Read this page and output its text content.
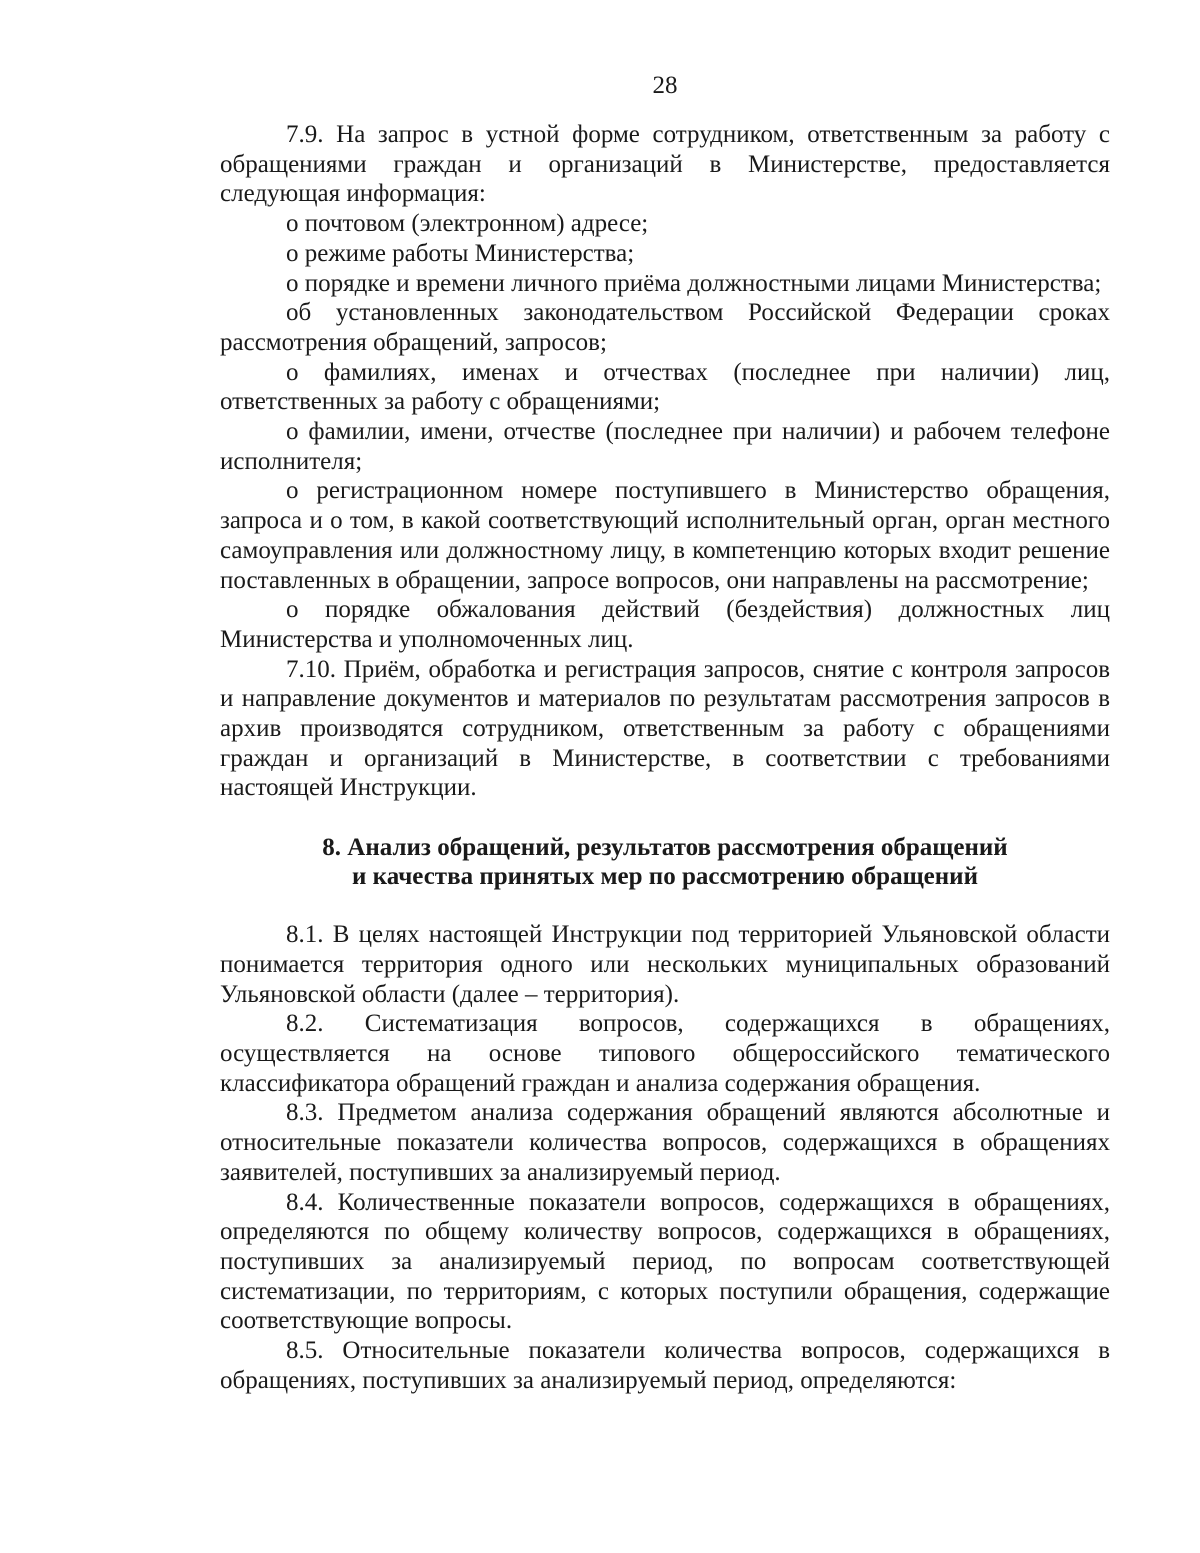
28

7.9. На запрос в устной форме сотрудником, ответственным за работу с обращениями граждан и организаций в Министерстве, предоставляется следующая информация:

о почтовом (электронном) адресе;

о режиме работы Министерства;

о порядке и времени личного приёма должностными лицами Министерства;

об установленных законодательством Российской Федерации сроках рассмотрения обращений, запросов;

о фамилиях, именах и отчествах (последнее при наличии) лиц, ответственных за работу с обращениями;

о фамилии, имени, отчестве (последнее при наличии) и рабочем телефоне исполнителя;

о регистрационном номере поступившего в Министерство обращения, запроса и о том, в какой соответствующий исполнительный орган, орган местного самоуправления или должностному лицу, в компетенцию которых входит решение поставленных в обращении, запросе вопросов, они направлены на рассмотрение;

о порядке обжалования действий (бездействия) должностных лиц Министерства и уполномоченных лиц.

7.10. Приём, обработка и регистрация запросов, снятие с контроля запросов и направление документов и материалов по результатам рассмотрения запросов в архив производятся сотрудником, ответственным за работу с обращениями граждан и организаций в Министерстве, в соответствии с требованиями настоящей Инструкции.

8. Анализ обращений, результатов рассмотрения обращений
и качества принятых мер по рассмотрению обращений

8.1. В целях настоящей Инструкции под территорией Ульяновской области понимается территория одного или нескольких муниципальных образований Ульяновской области (далее – территория).

8.2. Систематизация вопросов, содержащихся в обращениях, осуществляется на основе типового общероссийского тематического классификатора обращений граждан и анализа содержания обращения.

8.3. Предметом анализа содержания обращений являются абсолютные и относительные показатели количества вопросов, содержащихся в обращениях заявителей, поступивших за анализируемый период.

8.4. Количественные показатели вопросов, содержащихся в обращениях, определяются по общему количеству вопросов, содержащихся в обращениях, поступивших за анализируемый период, по вопросам соответствующей систематизации, по территориям, с которых поступили обращения, содержащие соответствующие вопросы.

8.5. Относительные показатели количества вопросов, содержащихся в обращениях, поступивших за анализируемый период, определяются:
